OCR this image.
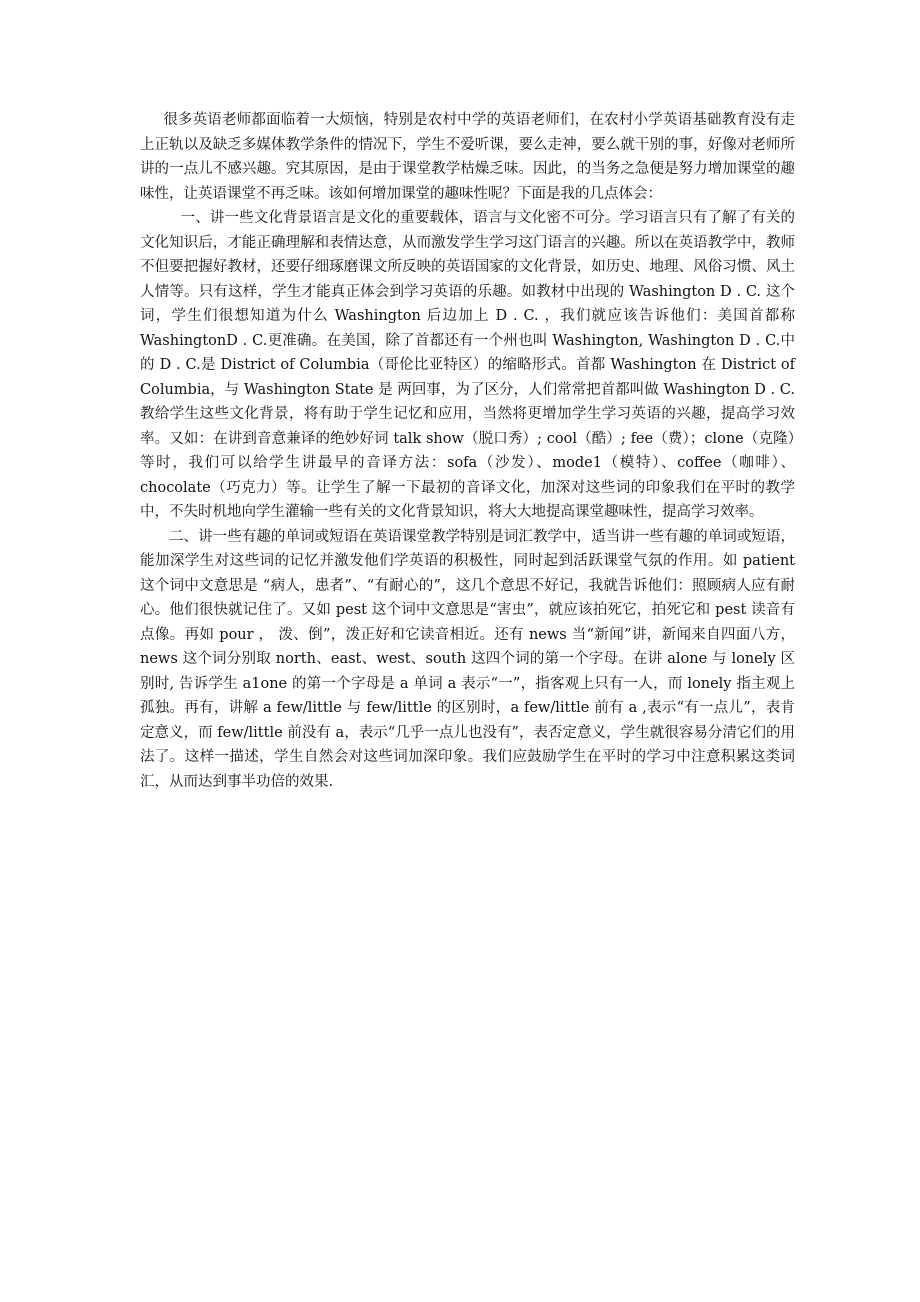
很多英语老师都面临着一大烦恼，特别是农村中学的英语老师们，在农村小学英语基础教育没有走上正轨以及缺乏多媒体教学条件的情况下，学生不爱听课，要么走神，要么就干别的事，好像对老师所讲的一点儿不感兴趣。究其原因，是由于课堂教学枯燥乏味。因此，的当务之急便是努力增加课堂的趣味性，让英语课堂不再乏味。该如何增加课堂的趣味性呢？下面是我的几点体会：

一、讲一些文化背景语言是文化的重要载体，语言与文化密不可分。学习语言只有了解了有关的文化知识后，才能正确理解和表情达意，从而激发学生学习这门语言的兴趣。所以在英语教学中，教师不但要把握好教材，还要仔细琢磨课文所反映的英语国家的文化背景，如历史、地理、风俗习惯、风土人情等。只有这样，学生才能真正体会到学习英语的乐趣。如教材中出现的 Washington D . C. 这个词，学生们很想知道为什么 Washington 后边加上 D . C. ，我们就应该告诉他们：美国首都称 WashingtonD . C.更准确。在美国，除了首都还有一个州也叫 Washington, Washington D . C.中的 D . C.是 District of Columbia（哥伦比亚特区）的缩略形式。首都 Washington 在 District of Columbia，与 Washington State 是 两回事，为了区分，人们常常把首都叫做 Washington D . C. 教给学生这些文化背景，将有助于学生记忆和应用，当然将更增加学生学习英语的兴趣，提高学习效率。又如：在讲到音意兼译的绝妙好词 talk show（脱口秀）; cool（酷）; fee（费）；clone（克隆）等时，我们可以给学生讲最早的音译方法：sofa（沙发）、mode1（模特）、coffee（咖啡）、chocolate（巧克力）等。让学生了解一下最初的音译文化，加深对这些词的印象我们在平时的教学中，不失时机地向学生灌输一些有关的文化背景知识，将大大地提高课堂趣味性，提高学习效率。

二、讲一些有趣的单词或短语在英语课堂教学特别是词汇教学中，适当讲一些有趣的单词或短语，能加深学生对这些词的记忆并激发他们学英语的积极性，同时起到活跃课堂气氛的作用。如 patient 这个词中文意思是 “病人，患者”、“有耐心的”，这几个意思不好记，我就告诉他们：照顾病人应有耐心。他们很快就记住了。又如 pest 这个词中文意思是“害虫”，就应该拍死它，拍死它和 pest 读音有点像。再如 pour ， 泼、倒”，泼正好和它读音相近。还有 news 当“新闻”讲，新闻来自四面八方，news 这个词分别取 north、east、west、south 这四个词的第一个字母。在讲 alone 与 lonely 区别时, 告诉学生 a1one 的第一个字母是 a 单词 a 表示“一”，指客观上只有一人，而 lonely 指主观上孤独。再有，讲解 a few/little 与 few/little 的区别时，a few/little 前有 a ,表示“有一点儿”，表肯定意义，而 few/little 前没有 a，表示“几乎一点儿也没有”，表否定意义，学生就很容易分清它们的用法了。这样一描述，学生自然会对这些词加深印象。我们应鼓励学生在平时的学习中注意积累这类词汇，从而达到事半功倍的效果.
